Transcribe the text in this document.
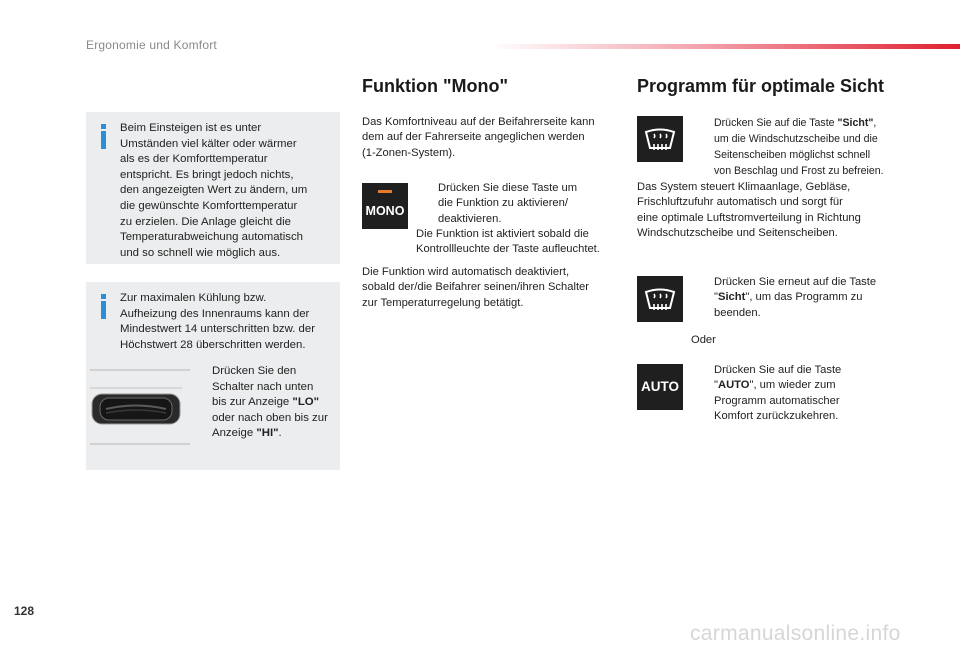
Ergonomie und Komfort
Beim Einsteigen ist es unter
Umständen viel kälter oder wärmer
als es der Komforttemperatur
entspricht. Es bringt jedoch nichts,
den angezeigten Wert zu ändern, um
die gewünschte Komforttemperatur
zu erzielen. Die Anlage gleicht die
Temperaturabweichung automatisch
und so schnell wie möglich aus.
Zur maximalen Kühlung bzw.
Aufheizung des Innenraums kann der
Mindestwert 14 unterschritten bzw. der
Höchstwert 28 überschritten werden.
Drücken Sie den
Schalter nach unten
bis zur Anzeige "LO"
oder nach oben bis zur
Anzeige "HI".
Funktion "Mono"
Das Komfortniveau auf der Beifahrerseite kann
dem auf der Fahrerseite angeglichen werden
(1-Zonen-System).
MONO
Drücken Sie diese Taste um
die Funktion zu aktivieren/
deaktivieren.
Die Funktion ist aktiviert sobald die
Kontrollleuchte der Taste aufleuchtet.
Die Funktion wird automatisch deaktiviert,
sobald der/die Beifahrer seinen/ihren Schalter
zur Temperaturregelung betätigt.
Programm für optimale Sicht
Drücken Sie auf die Taste "Sicht",
um die Windschutzscheibe und die
Seitenscheiben möglichst schnell
von Beschlag und Frost zu befreien.
Das System steuert Klimaanlage, Gebläse,
Frischluftzufuhr automatisch und sorgt für
eine optimale Luftstromverteilung in Richtung
Windschutzscheibe und Seitenscheiben.
Drücken Sie erneut auf die Taste
"Sicht", um das Programm zu
beenden.
Oder
AUTO
Drücken Sie auf die Taste
"AUTO", um wieder zum
Programm automatischer
Komfort zurückzukehren.
128
carmanualsonline.info
